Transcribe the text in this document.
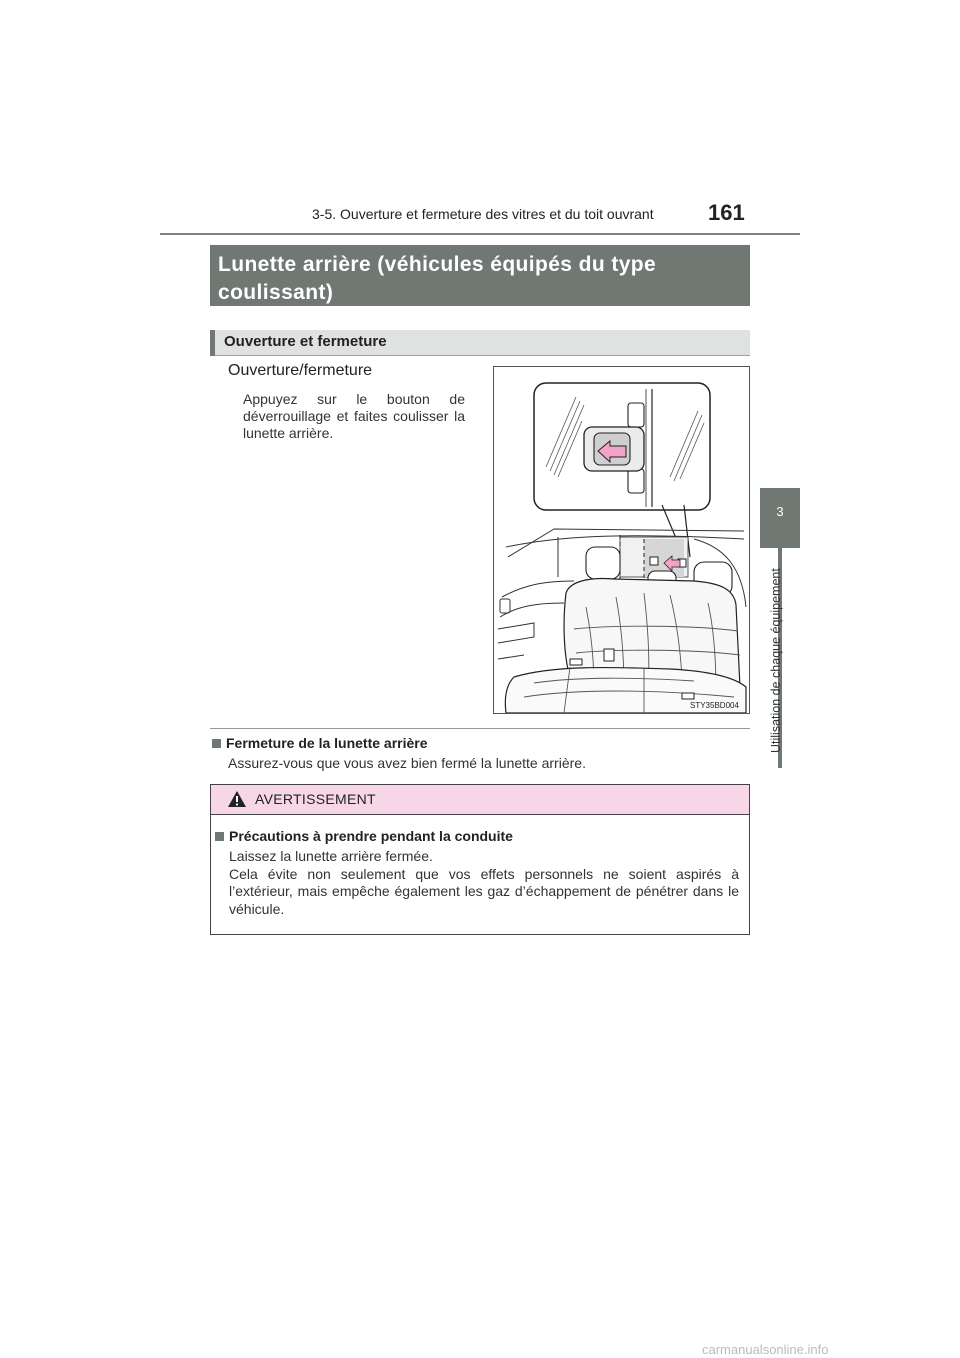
3-5. Ouverture et fermeture des vitres et du toit ouvrant 161
3
Utilisation de chaque équipement
Lunette arrière (véhicules équipés du type coulissant)
Ouverture et fermeture
Ouverture/fermeture
Appuyez sur le bouton de déverrouillage et faites coulisser la lunette arrière.
STY35BD004
Fermeture de la lunette arrière
Assurez-vous que vous avez bien fermé la lunette arrière.
AVERTISSEMENT
Précautions à prendre pendant la conduite

Laissez la lunette arrière fermée.

Cela évite non seulement que vos effets personnels ne soient aspirés à l’extérieur, mais empêche également les gaz d’échappement de pénétrer dans le véhicule.

carmanualsonline.info
